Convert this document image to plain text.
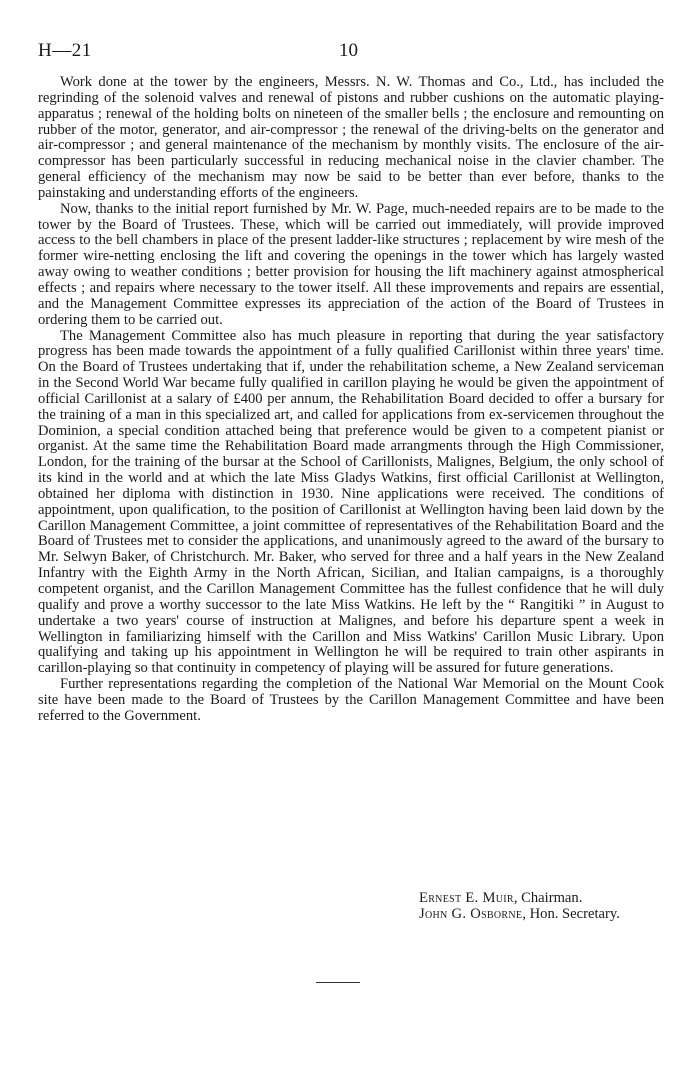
H—21	10

Work done at the tower by the engineers, Messrs. N. W. Thomas and Co., Ltd., has included the regrinding of the solenoid valves and renewal of pistons and rubber cushions on the automatic playing-apparatus ; renewal of the holding bolts on nineteen of the smaller bells ; the enclosure and remounting on rubber of the motor, generator, and air-compressor ; the renewal of the driving-belts on the generator and air-compressor ; and general maintenance of the mechanism by monthly visits. The enclosure of the air-compressor has been particularly successful in reducing mechanical noise in the clavier chamber. The general efficiency of the mechanism may now be said to be better than ever before, thanks to the painstaking and understanding efforts of the engineers.

Now, thanks to the initial report furnished by Mr. W. Page, much-needed repairs are to be made to the tower by the Board of Trustees. These, which will be carried out immediately, will provide improved access to the bell chambers in place of the present ladder-like structures ; replacement by wire mesh of the former wire-netting enclosing the lift and covering the openings in the tower which has largely wasted away owing to weather conditions ; better provision for housing the lift machinery against atmospherical effects ; and repairs where necessary to the tower itself. All these improvements and repairs are essential, and the Management Committee expresses its appreciation of the action of the Board of Trustees in ordering them to be carried out.

The Management Committee also has much pleasure in reporting that during the year satisfactory progress has been made towards the appointment of a fully qualified Carillonist within three years' time. On the Board of Trustees undertaking that if, under the rehabilitation scheme, a New Zealand serviceman in the Second World War became fully qualified in carillon playing he would be given the appointment of official Carillonist at a salary of £400 per annum, the Rehabilitation Board decided to offer a bursary for the training of a man in this specialized art, and called for applications from ex-servicemen throughout the Dominion, a special condition attached being that preference would be given to a competent pianist or organist. At the same time the Rehabilitation Board made arrangments through the High Commissioner, London, for the training of the bursar at the School of Carillonists, Malignes, Belgium, the only school of its kind in the world and at which the late Miss Gladys Watkins, first official Carillonist at Wellington, obtained her diploma with distinction in 1930. Nine applications were received. The conditions of appointment, upon qualification, to the position of Carillonist at Wellington having been laid down by the Carillon Management Committee, a joint committee of representatives of the Rehabilitation Board and the Board of Trustees met to consider the applications, and unanimously agreed to the award of the bursary to Mr. Selwyn Baker, of Christchurch. Mr. Baker, who served for three and a half years in the New Zealand Infantry with the Eighth Army in the North African, Sicilian, and Italian campaigns, is a thoroughly competent organist, and the Carillon Management Committee has the fullest confidence that he will duly qualify and prove a worthy successor to the late Miss Watkins. He left by the “ Rangitiki ” in August to undertake a two years' course of instruction at Malignes, and before his departure spent a week in Wellington in familiarizing himself with the Carillon and Miss Watkins' Carillon Music Library. Upon qualifying and taking up his appointment in Wellington he will be required to train other aspirants in carillon-playing so that continuity in competency of playing will be assured for future generations.

Further representations regarding the completion of the National War Memorial on the Mount Cook site have been made to the Board of Trustees by the Carillon Management Committee and have been referred to the Government.

Ernest E. Muir, Chairman.
John G. Osborne, Hon. Secretary.
